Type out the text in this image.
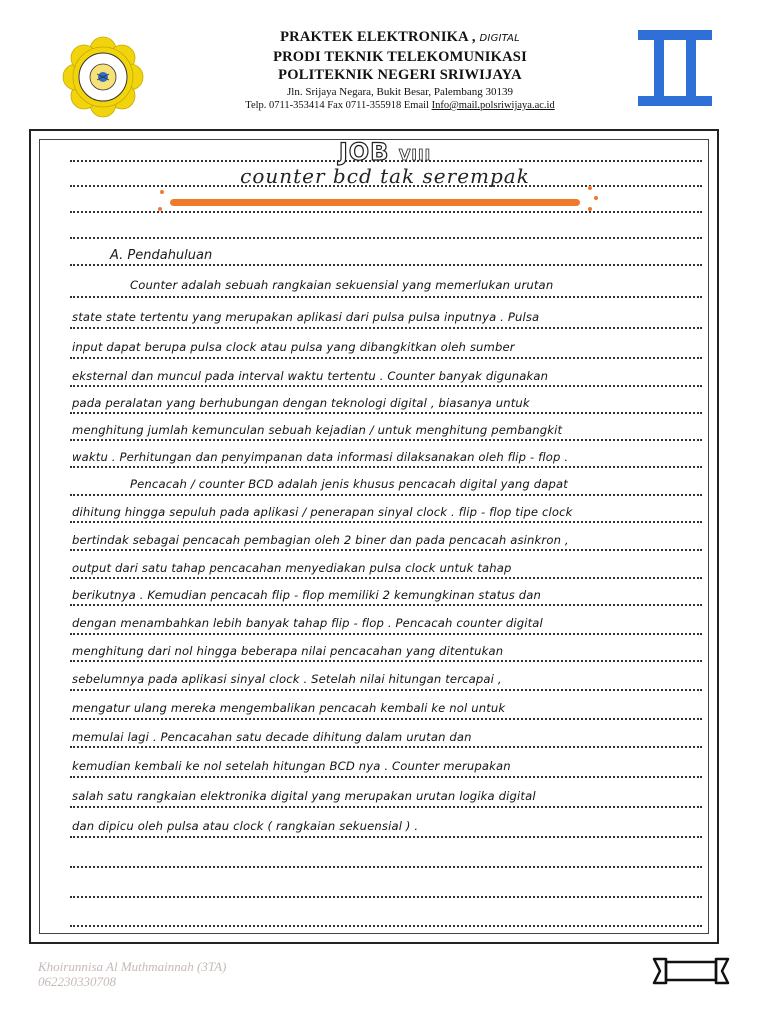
PRAKTEK ELEKTRONIKA , DIGITAL
PRODI TEKNIK TELEKOMUNIKASI
POLITEKNIK NEGERI SRIWIJAYA
Jln. Srijaya Negara, Bukit Besar, Palembang 30139
Telp. 0711-353414 Fax 0711-355918 Email Info@mail.polsriwijaya.ac.id
JOB VIII
counter bcd tak serempak
A. Pendahuluan
Counter adalah sebuah rangkaian sekuensial yang memerlukan urutan
state state tertentu yang merupakan aplikasi dari pulsa pulsa inputnya . Pulsa
input dapat berupa pulsa clock atau pulsa yang dibangkitkan oleh sumber
eksternal dan muncul pada interval waktu tertentu . Counter banyak digunakan
pada peralatan yang berhubungan dengan teknologi digital , biasanya untuk
menghitung jumlah kemunculan sebuah kejadian / untuk menghitung pembangkit
waktu . Perhitungan dan penyimpanan data informasi dilaksanakan oleh flip - flop .
Pencacah / counter BCD adalah jenis khusus pencacah digital yang dapat
dihitung hingga sepuluh pada aplikasi / penerapan sinyal clock . flip - flop tipe clock
bertindak sebagai pencacah pembagian oleh 2 biner dan pada pencacah asinkron ,
output dari satu tahap pencacahan menyediakan pulsa clock untuk tahap
berikutnya . Kemudian pencacah flip - flop memiliki 2 kemungkinan status dan
dengan menambahkan lebih banyak tahap flip - flop . Pencacah counter digital
menghitung dari nol hingga beberapa nilai pencacahan yang ditentukan
sebelumnya pada aplikasi sinyal clock . Setelah nilai hitungan tercapai ,
mengatur ulang mereka mengembalikan pencacah kembali ke nol untuk
memulai lagi . Pencacahan satu decade dihitung dalam urutan dan
kemudian kembali ke nol setelah hitungan BCD nya . Counter merupakan
salah satu rangkaian elektronika digital yang merupakan urutan logika digital
dan dipicu oleh pulsa atau clock ( rangkaian sekuensial ) .
Khoirunnisa Al Muthmainnah (3TA)
062230330708
